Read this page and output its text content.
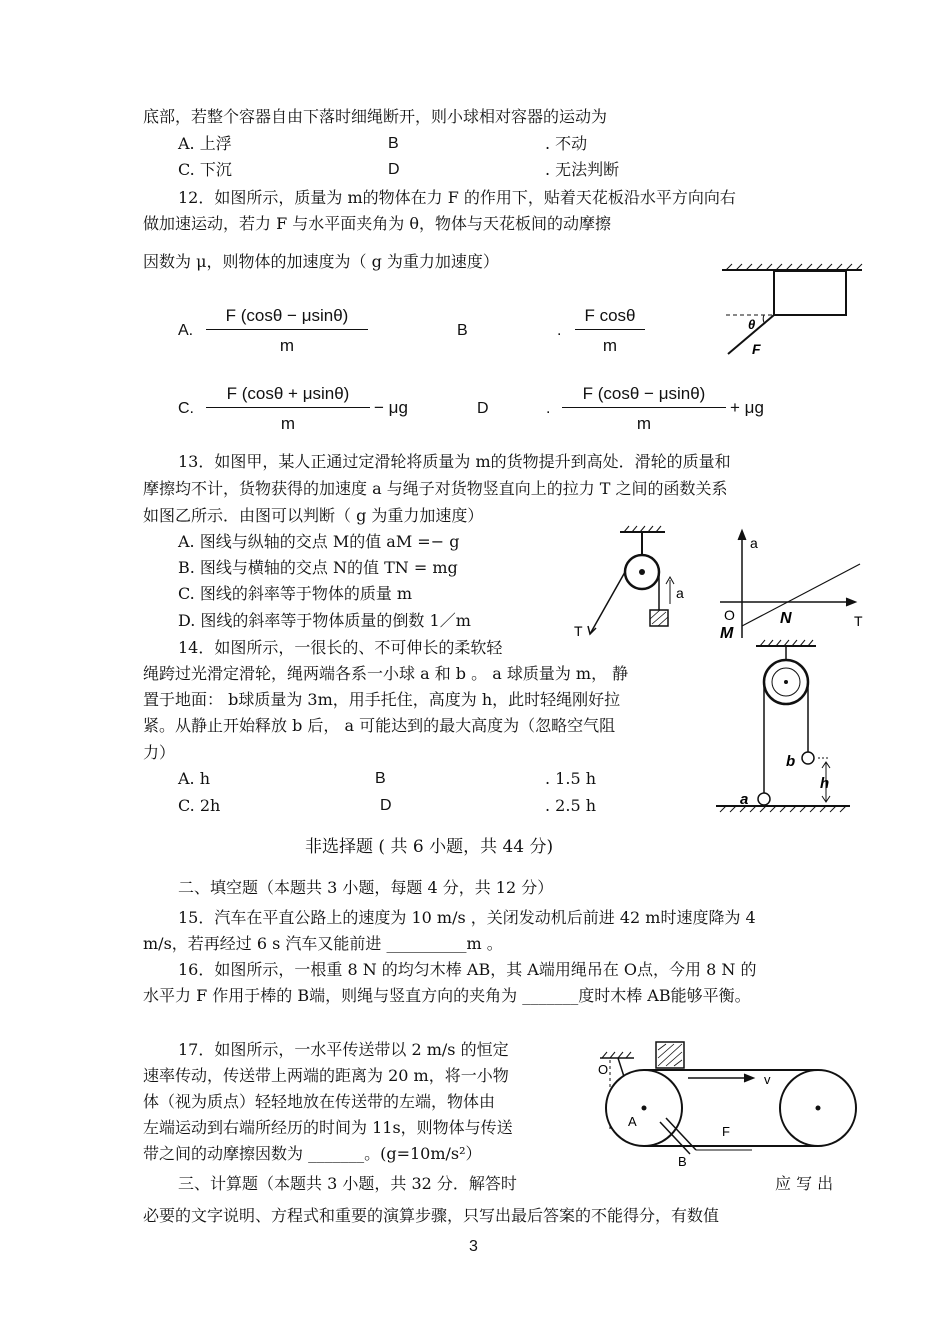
底部，若整个容器自由下落时细绳断开，则小球相对容器的运动为
A. 上浮	B	. 不动
C. 下沉	D	. 无法判断
12．如图所示，质量为 m的物体在力 F 的作用下，贴着天花板沿水平方向向右
做加速运动，若力 F 与水平面夹角为 θ，物体与天花板间的动摩擦
因数为 μ，则物体的加速度为（ g 为重力加速度）
A. $\frac{F (\cos\theta - \mu\sin\theta)}{m}$	B	. $\frac{\text{F cosθ}}{m}$
C. $\frac{F (\cos\theta + \mu\sin\theta)}{m} - \mu g$	D	. $\frac{F (\cos\theta - \mu\sin\theta)}{m} + \mu g$
θ
F
13．如图甲，某人正通过定滑轮将质量为 m的货物提升到高处．滑轮的质量和
摩擦均不计，货物获得的加速度 a 与绳子对货物竖直向上的拉力 T 之间的函数关系
如图乙所示．由图可以判断（ g 为重力加速度）
A. 图线与纵轴的交点 M的值 aM =− g
B. 图线与横轴的交点 N的值 TN = mg
C. 图线的斜率等于物体的质量 m
D. 图线的斜率等于物体质量的倒数 1／m
a
T
a
O	T
N
M
14．如图所示，一很长的、不可伸长的柔软轻
绳跨过光滑定滑轮，绳两端各系一小球 a 和 b 。 a 球质量为 m， 静
置于地面： b球质量为 3m，用手托住，高度为 h，此时轻绳刚好拉
紧。从静止开始释放 b 后， a 可能达到的最大高度为（忽略空气阻
力）
A. h	B	. 1.5 h
C. 2h	D	. 2.5 h
b
h
a
非选择题 ( 共 6 小题，共 44 分)
二、填空题（本题共 3 小题，每题 4 分，共 12 分）
15．汽车在平直公路上的速度为 10 m/s ，关闭发动机后前进 42 m时速度降为 4
m/s，若再经过 6 s 汽车又能前进 __________m 。
16．如图所示，一根重 8 N 的均匀木棒 AB，其 A端用绳吊在 O点，今用 8 N 的
水平力 F 作用于棒的 B端，则绳与竖直方向的夹角为 _______度时木棒 AB能够平衡。
17．如图所示，一水平传送带以 2 m/s 的恒定
速率传动，传送带上两端的距离为 20 m，将一小物
体（视为质点）轻轻地放在传送带的左端，物体由
左端运动到右端所经历的时间为 11s，则物体与传送
带之间的动摩擦因数为 _______。(g=10m/s²）
O
v
A
F
B
三、计算题（本题共 3 小题，共 32 分．解答时	应 写 出
必要的文字说明、方程式和重要的演算步骤，只写出最后答案的不能得分，有数值
3
